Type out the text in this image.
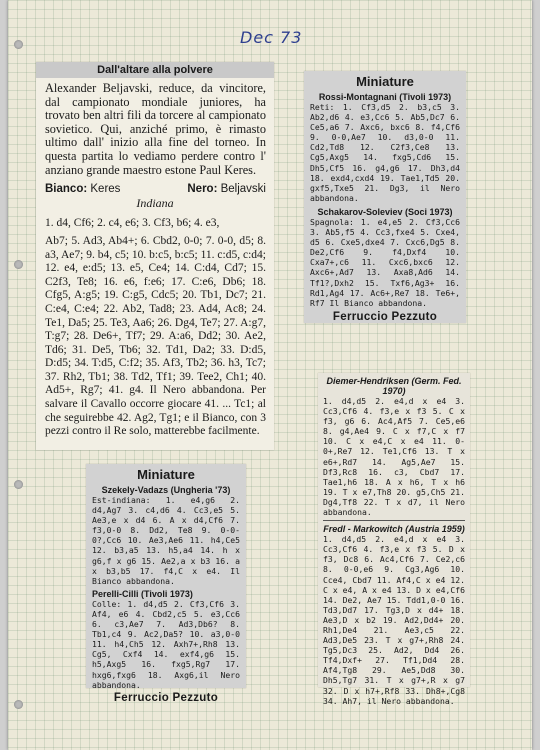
Dec 73

Dall'altare alla polvere

Alexander Beljavski, reduce, da vincitore, dal campionato mondiale juniores, ha trovato ben altri fili da torcere al campionato sovietico. Qui, anziché primo, è rimasto ultimo dall' inizio alla fine del torneo. In questa partita lo vediamo perdere contro l' anziano grande maestro estone Paul Keres.

Bianco: Keres	Nero: Beljavski

Indiana

1. d4, Cf6; 2. c4, e6; 3. Cf3, b6; 4. e3,

Ab7; 5. Ad3, Ab4+; 6. Cbd2, 0-0; 7. 0-0, d5; 8. a3, Ae7; 9. b4, c5; 10. b:c5, b:c5; 11. c:d5, c:d4; 12. e4, e:d5; 13. e5, Ce4; 14. C:d4, Cd7; 15. C2f3, Te8; 16. e6, f:e6; 17. C:e6, Db6; 18. Cfg5, A:g5; 19. C:g5, Cdc5; 20. Tb1, Dc7; 21. C:e4, C:e4; 22. Ab2, Tad8; 23. Ad4, Ac8; 24. Te1, Da5; 25. Te3, Aa6; 26. Dg4, Te7; 27. A:g7, T:g7; 28. De6+, Tf7; 29. A:a6, Dd2; 30. Ae2, Td6; 31. De5, Tb6; 32. Td1, Da2; 33. D:d5, D:d5; 34. T:d5, C:f2; 35. Af3, Tb2; 36. h3, Tc7; 37. Rh2, Tb1; 38. Td2, Tf1; 39. Tee2, Ch1; 40. Ad5+, Rg7; 41. g4. Il Nero abbandona. Per salvare il Cavallo occorre giocare 41. ... Tc1; al che seguirebbe 42. Ag2, Tg1; e il Bianco, con 3 pezzi contro il Re solo, matterebbe facilmente.

Miniature

Rossi-Montagnani (Tivoli 1973)

Reti: 1. Cf3,d5 2. b3,c5 3. Ab2,d6 4. e3,Cc6 5. Ab5,Dc7 6. Ce5,a6 7. Axc6, bxc6 8. f4,Cf6 9. 0-0,Ae7 10. d3,0-0 11. Cd2,Td8 12. C2f3,Ce8 13. Cg5,Axg5 14. fxg5,Cd6 15. Dh5,Cf5 16. g4,g6 17. Dh3,d4 18. exd4,cxd4 19. Tae1,Td5 20. gxf5,Txe5 21. Dg3, il Nero abbandona.

Schakarov-Soleviev (Soci 1973)

Spagnola: 1. e4,e5 2. Cf3,Cc6 3. Ab5,f5 4. Cc3,fxe4 5. Cxe4, d5 6. Cxe5,dxe4 7. Cxc6,Dg5 8. De2,Cf6 9. f4,Dxf4 10. Cxa7+,c6 11. Cxc6,bxc6 12. Axc6+,Ad7 13. Axa8,Ad6 14. Tf1?,Dxh2 15. Txf6,Ag3+ 16. Rd1,Ag4 17. Ac6+,Re7 18. Te6+, Rf7 Il Bianco abbandona.

Ferruccio Pezzuto

Diemer-Hendriksen (Germ. Fed. 1970)

1. d4,d5 2. e4,d x e4 3. Cc3,Cf6 4. f3,e x f3 5. C x f3, g6 6. Ac4,Af5 7. Ce5,e6 8. g4,Ae4 9. C x f7,C x f7 10. C x e4,C x e4 11. 0-0+,Re7 12. Te1,Cf6 13. T x e6+,Rd7 14. Ag5,Ae7 15. Df3,Rc8 16. c3, Cbd7 17. Tae1,h6 18. A x h6, T x h6 19. T x e7,Th8 20. g5,Ch5 21. Dg4,Tf8 22. T x d7, il Nero abbandona.

Fredl - Markowitch (Austria 1959)

1. d4,d5 2. e4,d x e4 3. Cc3,Cf6 4. f3,e x f3 5. D x f3, Dc8 6. Ac4,Cf6 7. Ce2,c6 8. 0-0,e6 9. Cg3,Ag6 10. Cce4, Cbd7 11. Af4,C x e4 12. C x e4, A x e4 13. D x e4,Cf6 14. De2, Ae7 15. Tdd1,0-0 16. Td3,Dd7 17. Tg3,D x d4+ 18. Ae3,D x b2 19. Ad2,Dd4+ 20. Rh1,De4 21. Ae3,c5 22. Ad3,De5 23. T x g7+,Rh8 24. Tg5,Dc3 25. Ad2, Dd4 26. Tf4,Dxf+ 27. Tf1,Dd4 28. Af4,Tg8 29. Ae5,Dd8 30. Dh5,Tg7 31. T x g7+,R x g7 32. D x h7+,Rf8 33. Dh8+,Cg8 34. Ah7, il Nero abbandona.

Miniature

Szekely-Vadazs (Ungheria '73)

Est-indiana: 1. e4,g6 2. d4,Ag7 3. c4,d6 4. Cc3,e5 5. Ae3,e x d4 6. A x d4,Cf6 7. f3,0-0 8. Dd2, Te8 9. 0-0-0?,Cc6 10. Ae3,Ae6 11. h4,Ce5 12. b3,a5 13. h5,a4 14. h x g6,f x g6 15. Ae2,a x b3 16. a x b3,b5 17. f4,C x e4. Il Bianco abbandona.

Perelli-Cilli (Tivoli 1973)

Colle: 1. d4,d5 2. Cf3,Cf6 3. Af4, e6 4. Cbd2,c5 5. e3,Cc6 6. c3,Ae7 7. Ad3,Db6? 8. Tb1,c4 9. Ac2,Da5? 10. a3,0-0 11. h4,Ch5 12. Axh7+,Rh8 13. Cg5, Cxf4 14. exf4,g6 15. h5,Axg5 16. fxg5,Rg7 17. hxg6,fxg6 18. Axg6,il Nero abbandona.

Ferruccio Pezzuto
